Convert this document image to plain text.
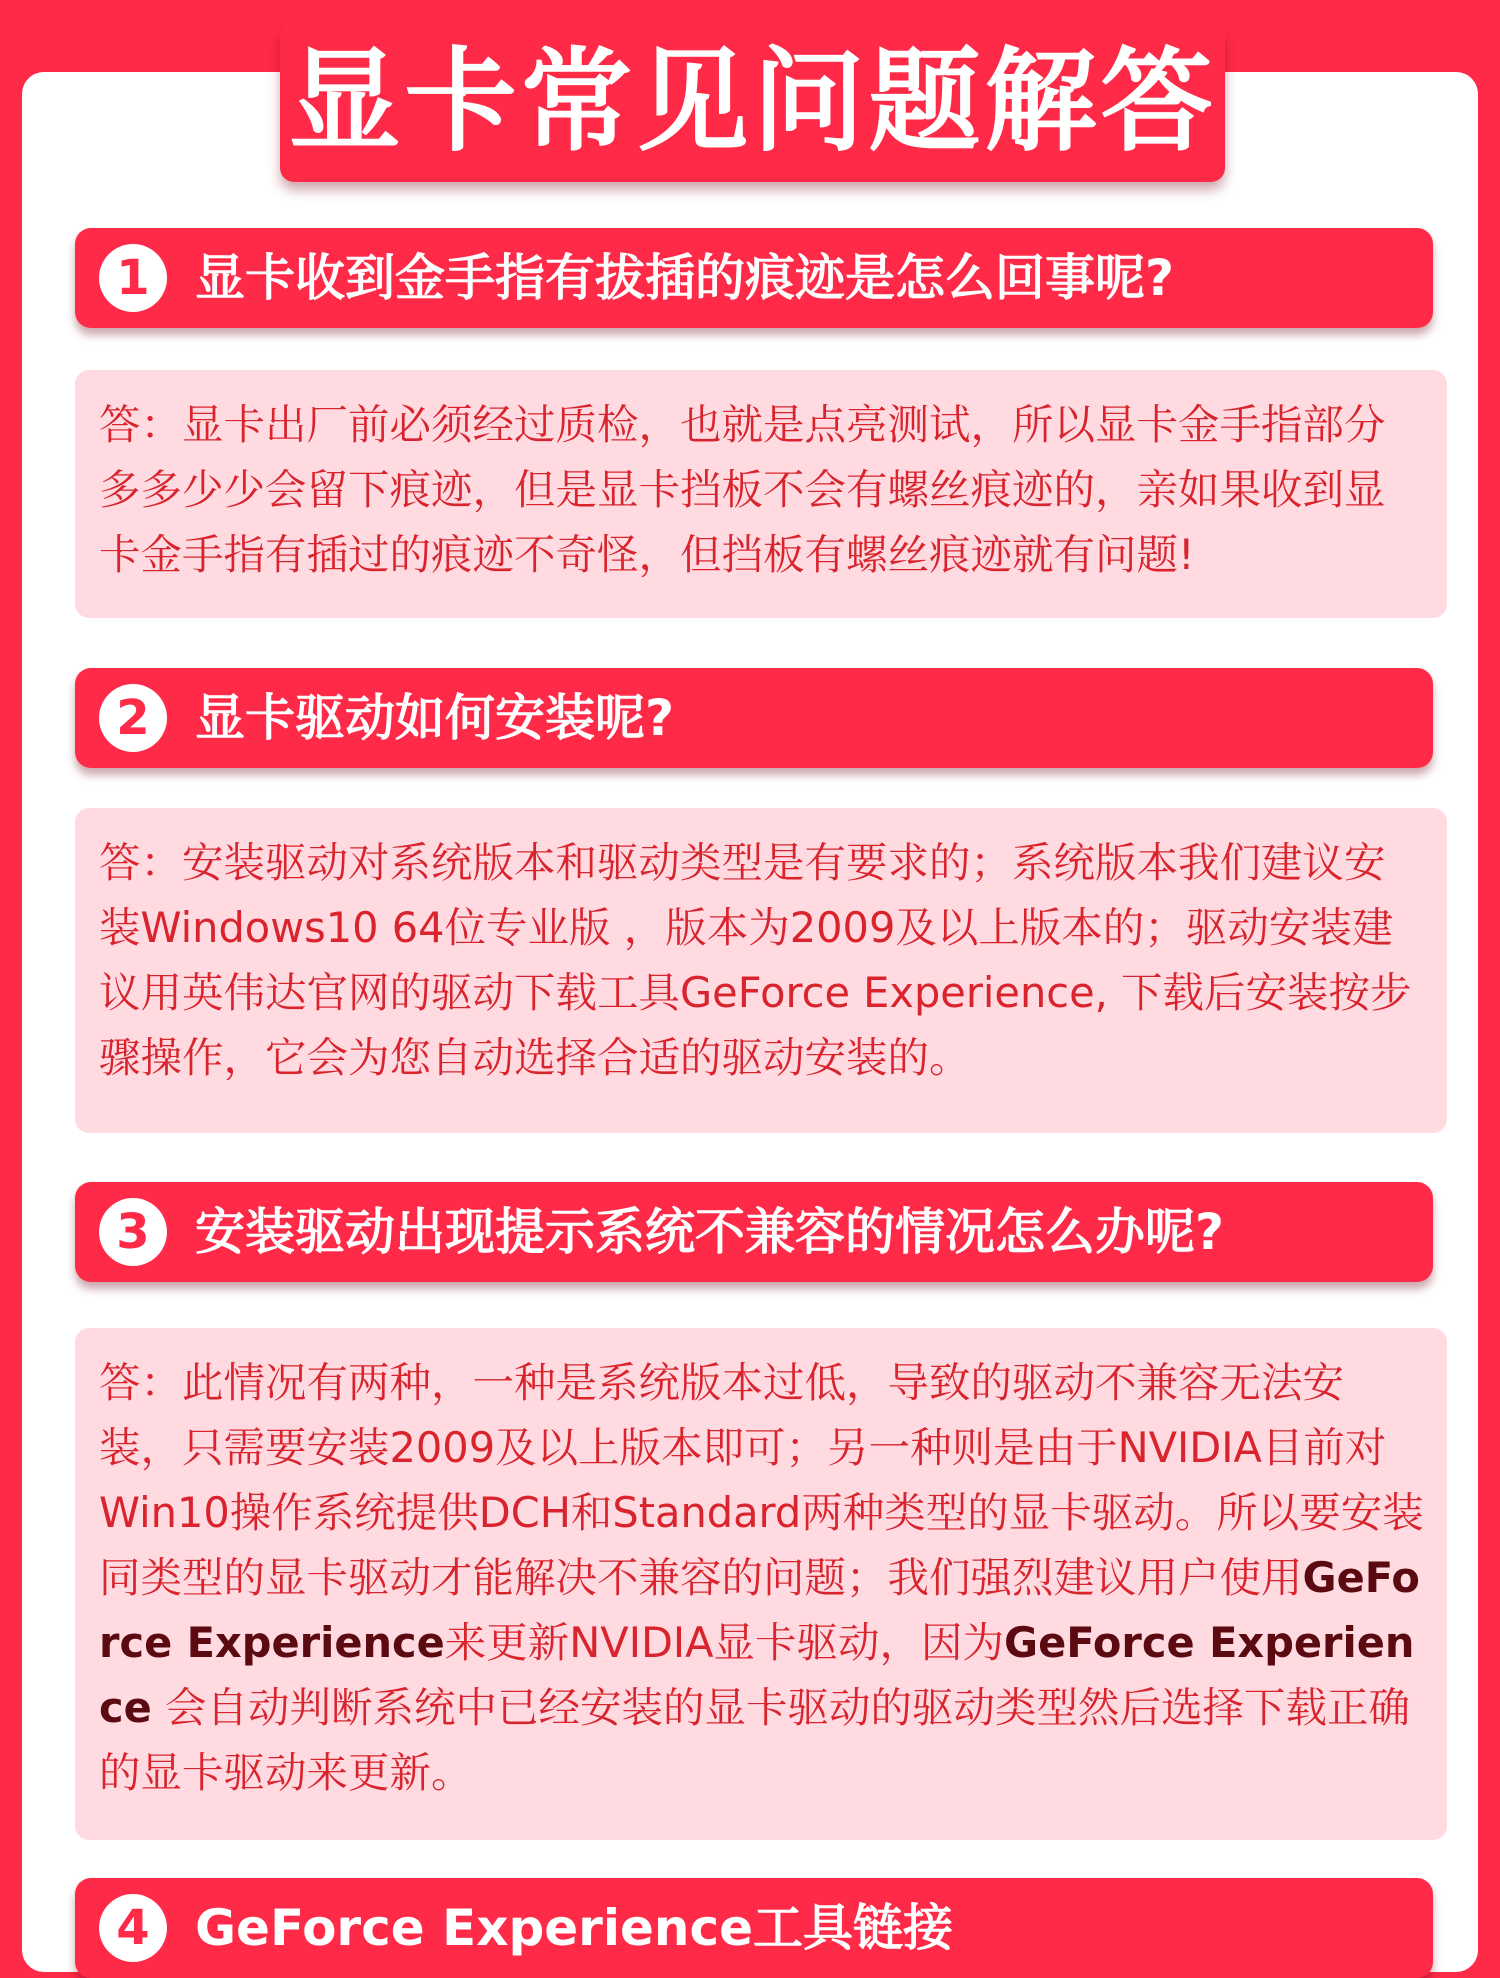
显卡常见问题解答
1 显卡收到金手指有拔插的痕迹是怎么回事呢?

答：显卡出厂前必须经过质检，也就是点亮测试，所以显卡金手指部分多多少少会留下痕迹，但是显卡挡板不会有螺丝痕迹的，亲如果收到显卡金手指有插过的痕迹不奇怪，但挡板有螺丝痕迹就有问题!

2 显卡驱动如何安装呢?

答：安装驱动对系统版本和驱动类型是有要求的；系统版本我们建议安装Windows10 64位专业版 ，版本为2009及以上版本的；驱动安装建议用英伟达官网的驱动下载工具GeForce Experience, 下载后安装按步骤操作，它会为您自动选择合适的驱动安装的。

3 安装驱动出现提示系统不兼容的情况怎么办呢?

答：此情况有两种，一种是系统版本过低，导致的驱动不兼容无法安装，只需要安装2009及以上版本即可；另一种则是由于NVIDIA目前对Win10操作系统提供DCH和Standard两种类型的显卡驱动。所以要安装同类型的显卡驱动才能解决不兼容的问题；我们强烈建议用户使用GeForce Experience来更新NVIDIA显卡驱动，因为GeForce Experience 会自动判断系统中已经安装的显卡驱动的驱动类型然后选择下载正确的显卡驱动来更新。

4 GeForce Experience工具链接
